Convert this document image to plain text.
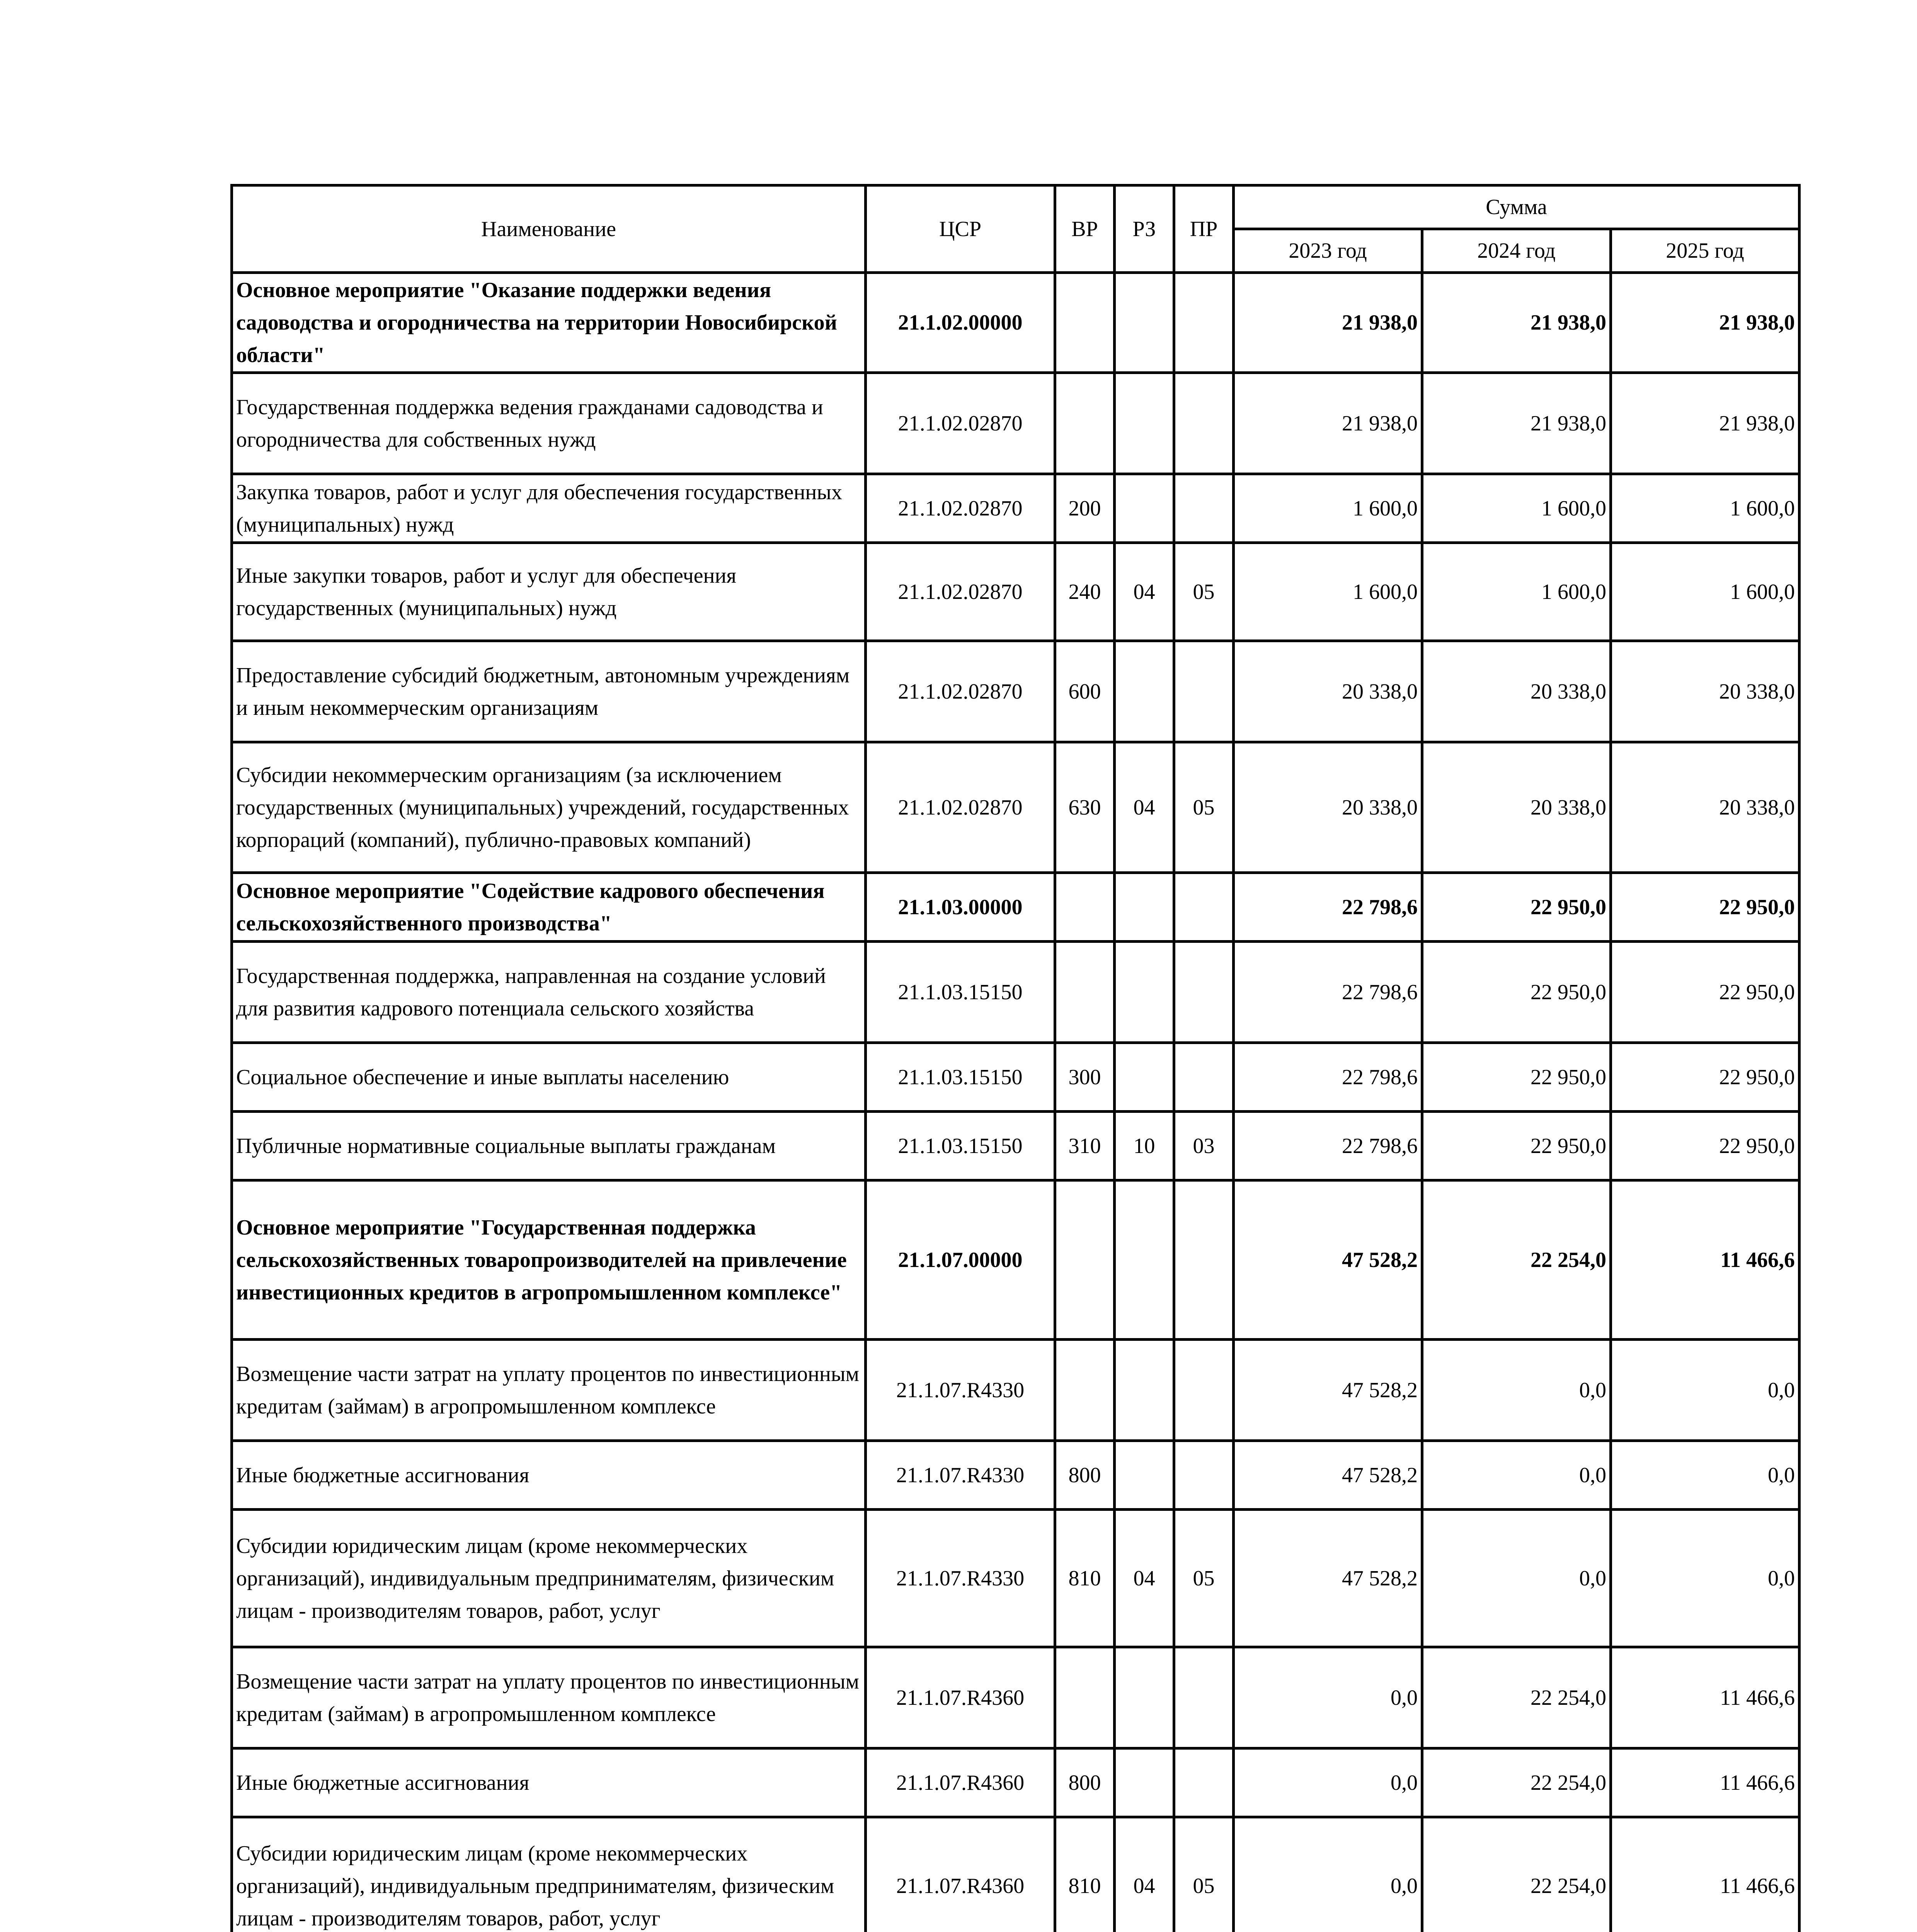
Наименование	ЦСР	ВР	РЗ	ПР	Сумма		
					2023 год	2024 год	2025 год
Основное мероприятие "Оказание поддержки ведения садоводства и огородничества на территории Новосибирской области"	21.1.02.00000				21 938,0	21 938,0	21 938,0
Государственная поддержка ведения гражданами садоводства и огородничества для собственных нужд	21.1.02.02870				21 938,0	21 938,0	21 938,0
Закупка товаров, работ и услуг для обеспечения государственных (муниципальных) нужд	21.1.02.02870	200			1 600,0	1 600,0	1 600,0
Иные закупки товаров, работ и услуг для обеспечения государственных (муниципальных) нужд	21.1.02.02870	240	04	05	1 600,0	1 600,0	1 600,0
Предоставление субсидий бюджетным, автономным учреждениям и иным некоммерческим организациям	21.1.02.02870	600			20 338,0	20 338,0	20 338,0
Субсидии некоммерческим организациям (за исключением государственных (муниципальных) учреждений, государственных корпораций (компаний), публично-правовых компаний)	21.1.02.02870	630	04	05	20 338,0	20 338,0	20 338,0
Основное мероприятие "Содействие кадрового обеспечения сельскохозяйственного производства"	21.1.03.00000				22 798,6	22 950,0	22 950,0
Государственная поддержка, направленная на создание условий для развития кадрового потенциала сельского хозяйства	21.1.03.15150				22 798,6	22 950,0	22 950,0
Социальное обеспечение и иные выплаты населению	21.1.03.15150	300			22 798,6	22 950,0	22 950,0
Публичные нормативные социальные выплаты гражданам	21.1.03.15150	310	10	03	22 798,6	22 950,0	22 950,0
Основное мероприятие "Государственная поддержка сельскохозяйственных товаропроизводителей на привлечение инвестиционных кредитов в агропромышленном комплексе"	21.1.07.00000				47 528,2	22 254,0	11 466,6
Возмещение части затрат на уплату процентов по инвестиционным кредитам (займам) в агропромышленном комплексе	21.1.07.R4330				47 528,2	0,0	0,0
Иные бюджетные ассигнования	21.1.07.R4330	800			47 528,2	0,0	0,0
Субсидии юридическим лицам (кроме некоммерческих организаций), индивидуальным предпринимателям, физическим лицам - производителям товаров, работ, услуг	21.1.07.R4330	810	04	05	47 528,2	0,0	0,0
Возмещение части затрат на уплату процентов по инвестиционным кредитам (займам) в агропромышленном комплексе	21.1.07.R4360				0,0	22 254,0	11 466,6
Иные бюджетные ассигнования	21.1.07.R4360	800			0,0	22 254,0	11 466,6
Субсидии юридическим лицам (кроме некоммерческих организаций), индивидуальным предпринимателям, физическим лицам - производителям товаров, работ, услуг	21.1.07.R4360	810	04	05	0,0	22 254,0	11 466,6
